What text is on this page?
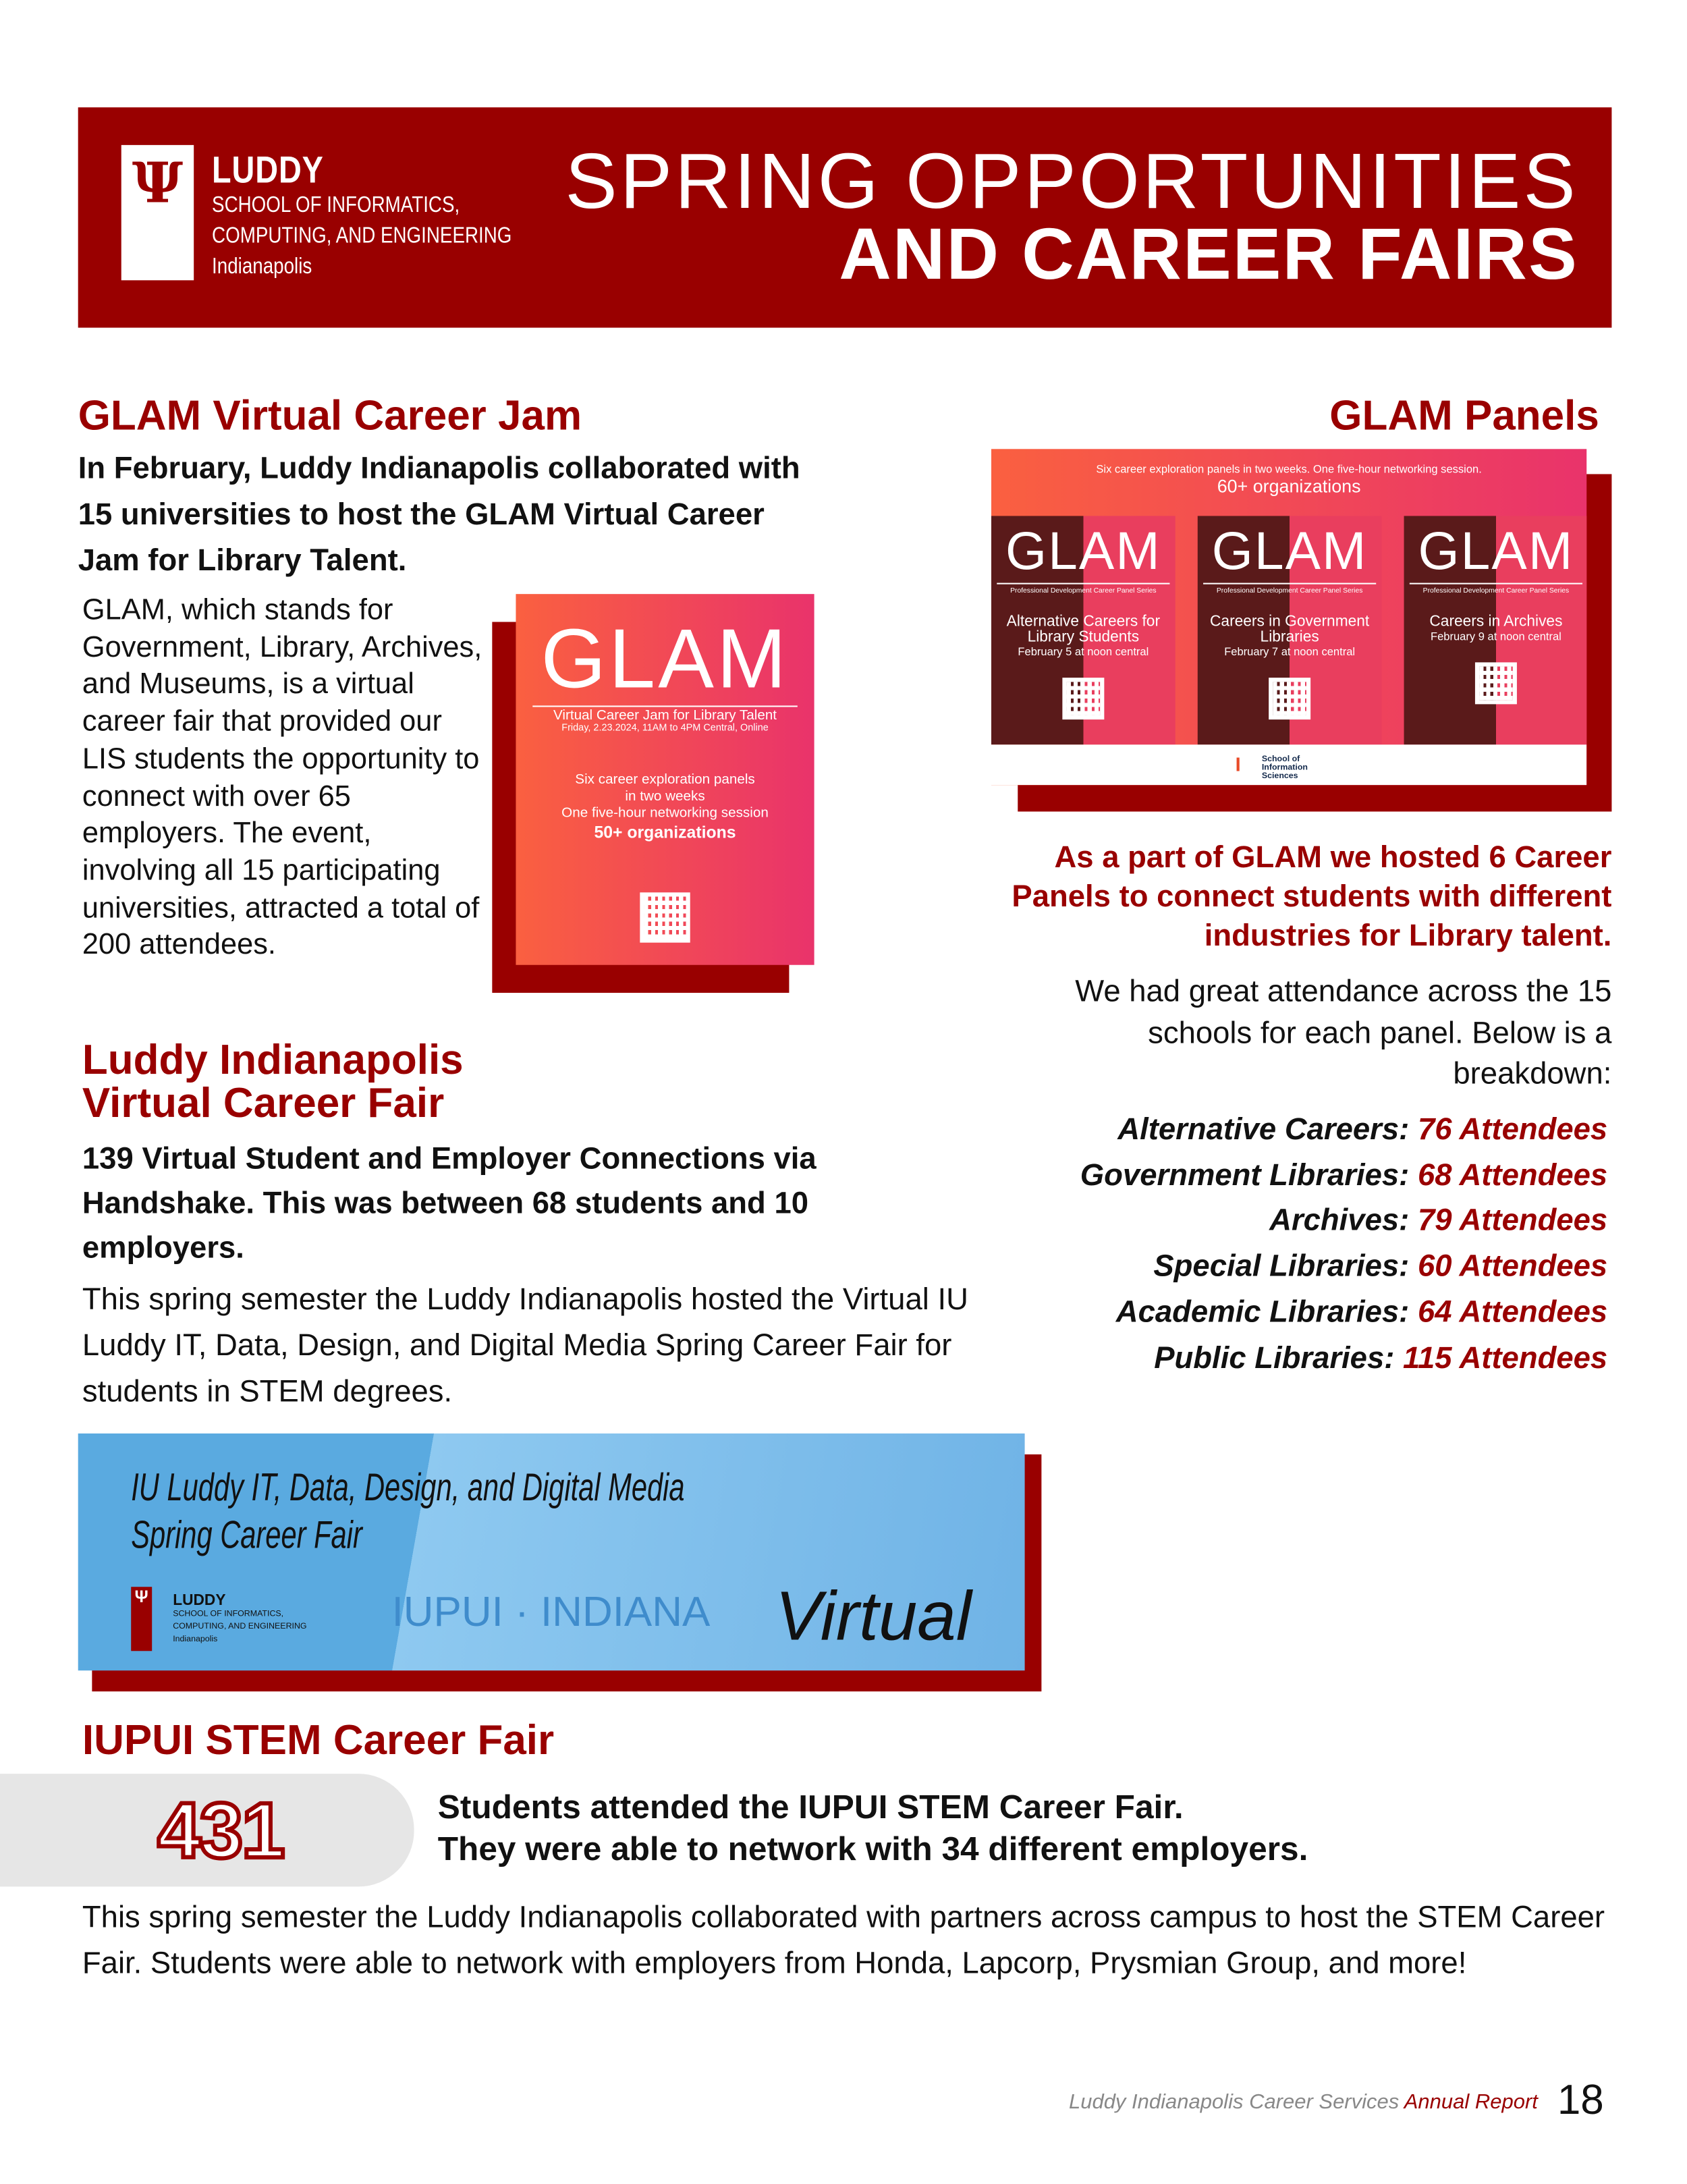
Ψ LUDDY
SCHOOL OF INFORMATICS,
COMPUTING, AND ENGINEERING
Indianapolis
SPRING OPPORTUNITIES
AND CAREER FAIRS
GLAM Virtual Career Jam
In February, Luddy Indianapolis collaborated with 15 universities to host the GLAM Virtual Career Jam for Library Talent.
GLAM, which stands for Government, Library, Archives, and Museums, is a virtual career fair that provided our LIS students the opportunity to connect with over 65 employers. The event, involving all 15 participating universities, attracted a total of 200 attendees.
GLAM
Virtual Career Jam for Library Talent
Friday, 2.23.2024, 11AM to 4PM Central, Online
Six career exploration panels
in two weeks
One five-hour networking session
50+ organizations
Luddy Indianapolis
Virtual Career Fair
139 Virtual Student and Employer Connections via Handshake. This was between 68 students and 10 employers.
This spring semester the Luddy Indianapolis hosted the Virtual IU Luddy IT, Data, Design, and Digital Media Spring Career Fair for students in STEM degrees.
IUPUI · INDIANA
IU Luddy IT, Data, Design, and Digital Media
Spring Career Fair
Ψ	LUDDY
SCHOOL OF INFORMATICS,
COMPUTING, AND ENGINEERING
Indianapolis	Virtual
IUPUI STEM Career Fair
431	Students attended the IUPUI STEM Career Fair.
They were able to network with 34 different employers.
This spring semester the Luddy Indianapolis collaborated with partners across campus to host the STEM Career Fair. Students were able to network with employers from Honda, Lapcorp, Prysmian Group, and more!
GLAM Panels
Six career exploration panels in two weeks. One five-hour networking session.
60+ organizations
GLAM
Professional Development Career Panel Series
Alternative Careers for Library Students
February 5 at noon central
GLAM
Professional Development Career Panel Series
Careers in Government Libraries
February 7 at noon central
GLAM
Professional Development Career Panel Series
Careers in Archives
February 9 at noon central
I	School of Information Sciences
As a part of GLAM we hosted 6 Career Panels to connect students with different industries for Library talent.
We had great attendance across the 15 schools for each panel. Below is a breakdown:
Alternative Careers: 76 Attendees
Government Libraries: 68 Attendees
Archives: 79 Attendees
Special Libraries: 60 Attendees
Academic Libraries: 64 Attendees
Public Libraries: 115 Attendees
Luddy Indianapolis Career Services Annual Report 18
